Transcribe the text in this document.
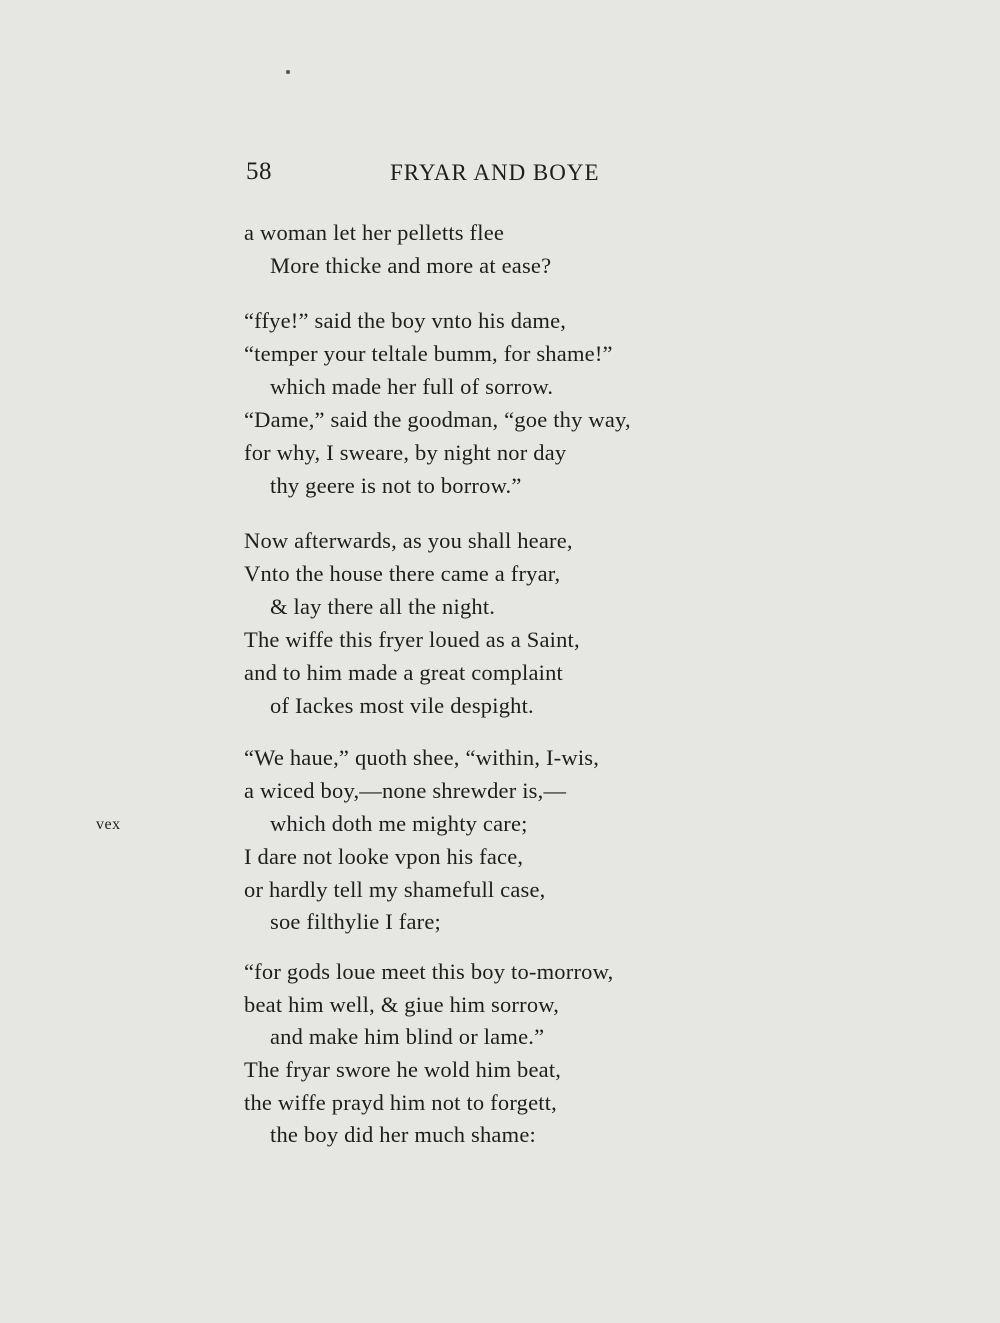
58	FRYAR AND BOYE
a woman let her pelletts flee
More thicke and more at ease?
“ffye!” said the boy vnto his dame,
“temper your teltale bumm, for shame!”
which made her full of sorrow.
“Dame,” said the goodman, “goe thy way,
for why, I sweare, by night nor day
thy geere is not to borrow.”
Now afterwards, as you shall heare,
Vnto the house there came a fryar,
& lay there all the night.
The wiffe this fryer loued as a Saint,
and to him made a great complaint
of Iackes most vile despight.
“We haue,” quoth shee, “within, I-wis,
a wiced boy,—none shrewder is,—
which doth me mighty care;
I dare not looke vpon his face,
or hardly tell my shamefull case,
soe filthylie I fare;
“for gods loue meet this boy to-morrow,
beat him well, & giue him sorrow,
and make him blind or lame.”
The fryar swore he wold him beat,
the wiffe prayd him not to forgett,
the boy did her much shame:
vex
